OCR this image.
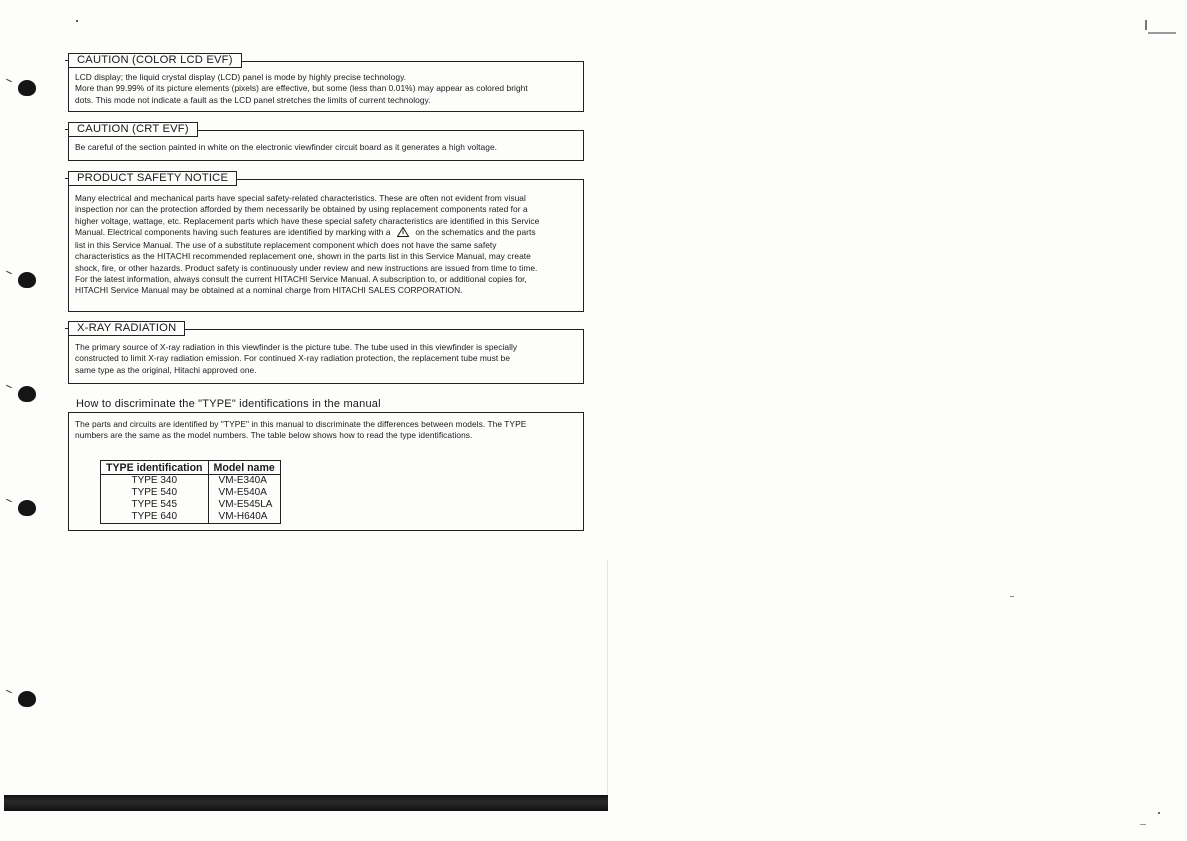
CAUTION (COLOR LCD EVF)
LCD display; the liquid crystal display (LCD) panel is mode by highly precise technology.
More than 99.99% of its picture elements (pixels) are effective, but some (less than 0.01%) may appear as colored bright
dots. This mode not indicate a fault as the LCD panel stretches the limits of current technology.
CAUTION (CRT EVF)
Be careful of the section painted in white on the electronic viewfinder circuit board as it generates a high voltage.
PRODUCT SAFETY NOTICE
Many electrical and mechanical parts have special safety-related characteristics. These are often not evident from visual
inspection nor can the protection afforded by them necessarily be obtained by using replacement components rated for a
higher voltage, wattage, etc. Replacement parts which have these special safety characteristics are identified in this Service
Manual. Electrical components having such features are identified by marking with a	on the schematics and the parts
list in this Service Manual. The use of a substitute replacement component which does not have the same safety
characteristics as the HITACHI recommended replacement one, shown in the parts list in this Service Manual, may create
shock, fire, or other hazards. Product safety is continuously under review and new instructions are issued from time to time.
For the latest information, always consult the current HITACHI Service Manual. A subscription to, or additional copies for,
HITACHI Service Manual may be obtained at a nominal charge from HITACHI SALES CORPORATION.
X-RAY RADIATION
The primary source of X-ray radiation in this viewfinder is the picture tube. The tube used in this viewfinder is specially
constructed to limit X-ray radiation emission. For continued X-ray radiation protection, the replacement tube must be
same type as the original, Hitachi approved one.
How to discriminate the "TYPE" identifications in the manual
The parts and circuits are identified by "TYPE" in this manual to discriminate the differences between models. The TYPE
numbers are the same as the model numbers. The table below shows how to read the type identifications.
TYPE identification	Model name
TYPE 340	VM-E340A
TYPE 540	VM-E540A
TYPE 545	VM-E545LA
TYPE 640	VM-H640A
